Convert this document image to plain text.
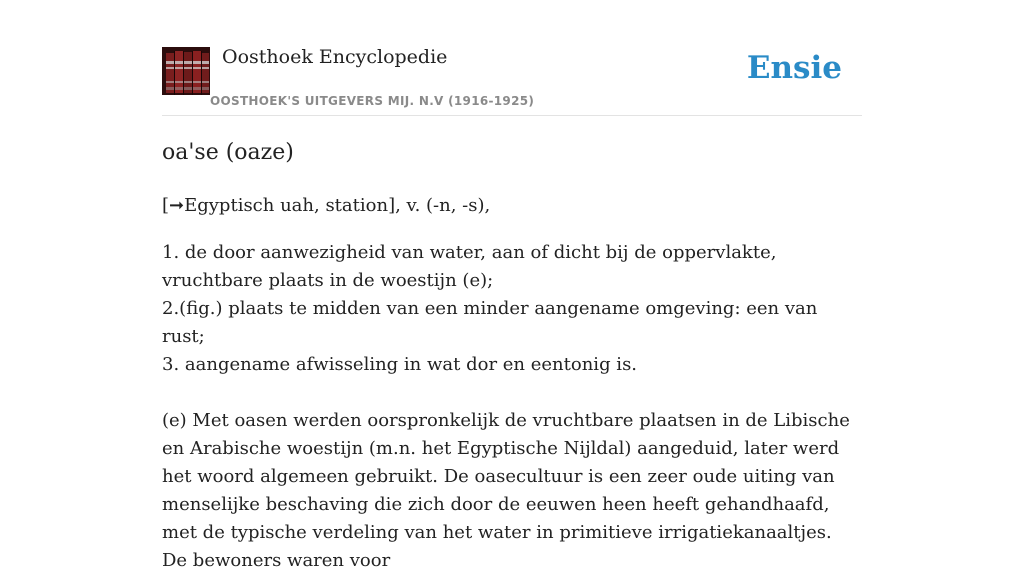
Oosthoek Encyclopedie
OOSTHOEK'S UITGEVERS MIJ. N.V (1916-1925)
Ensie
oa'se (oaze)
[➞Egyptisch uah, station], v. (-n, -s),

1. de door aanwezigheid van water, aan of dicht bij de oppervlakte, vruchtbare plaats in de woestijn (e);

2.(fig.) plaats te midden van een minder aangename omgeving: een van rust;

3. aangename afwisseling in wat dor en eentonig is.

(e) Met oasen werden oorspronkelijk de vruchtbare plaatsen in de Libische en Arabische woestijn (m.n. het Egyptische Nijldal) aangeduid, later werd het woord algemeen gebruikt. De oasecultuur is een zeer oude uiting van menselijke beschaving die zich door de eeuwen heen heeft gehandhaafd, met de typische verdeling van het water in primitieve irrigatiekanaaltjes. De bewoners waren voor
